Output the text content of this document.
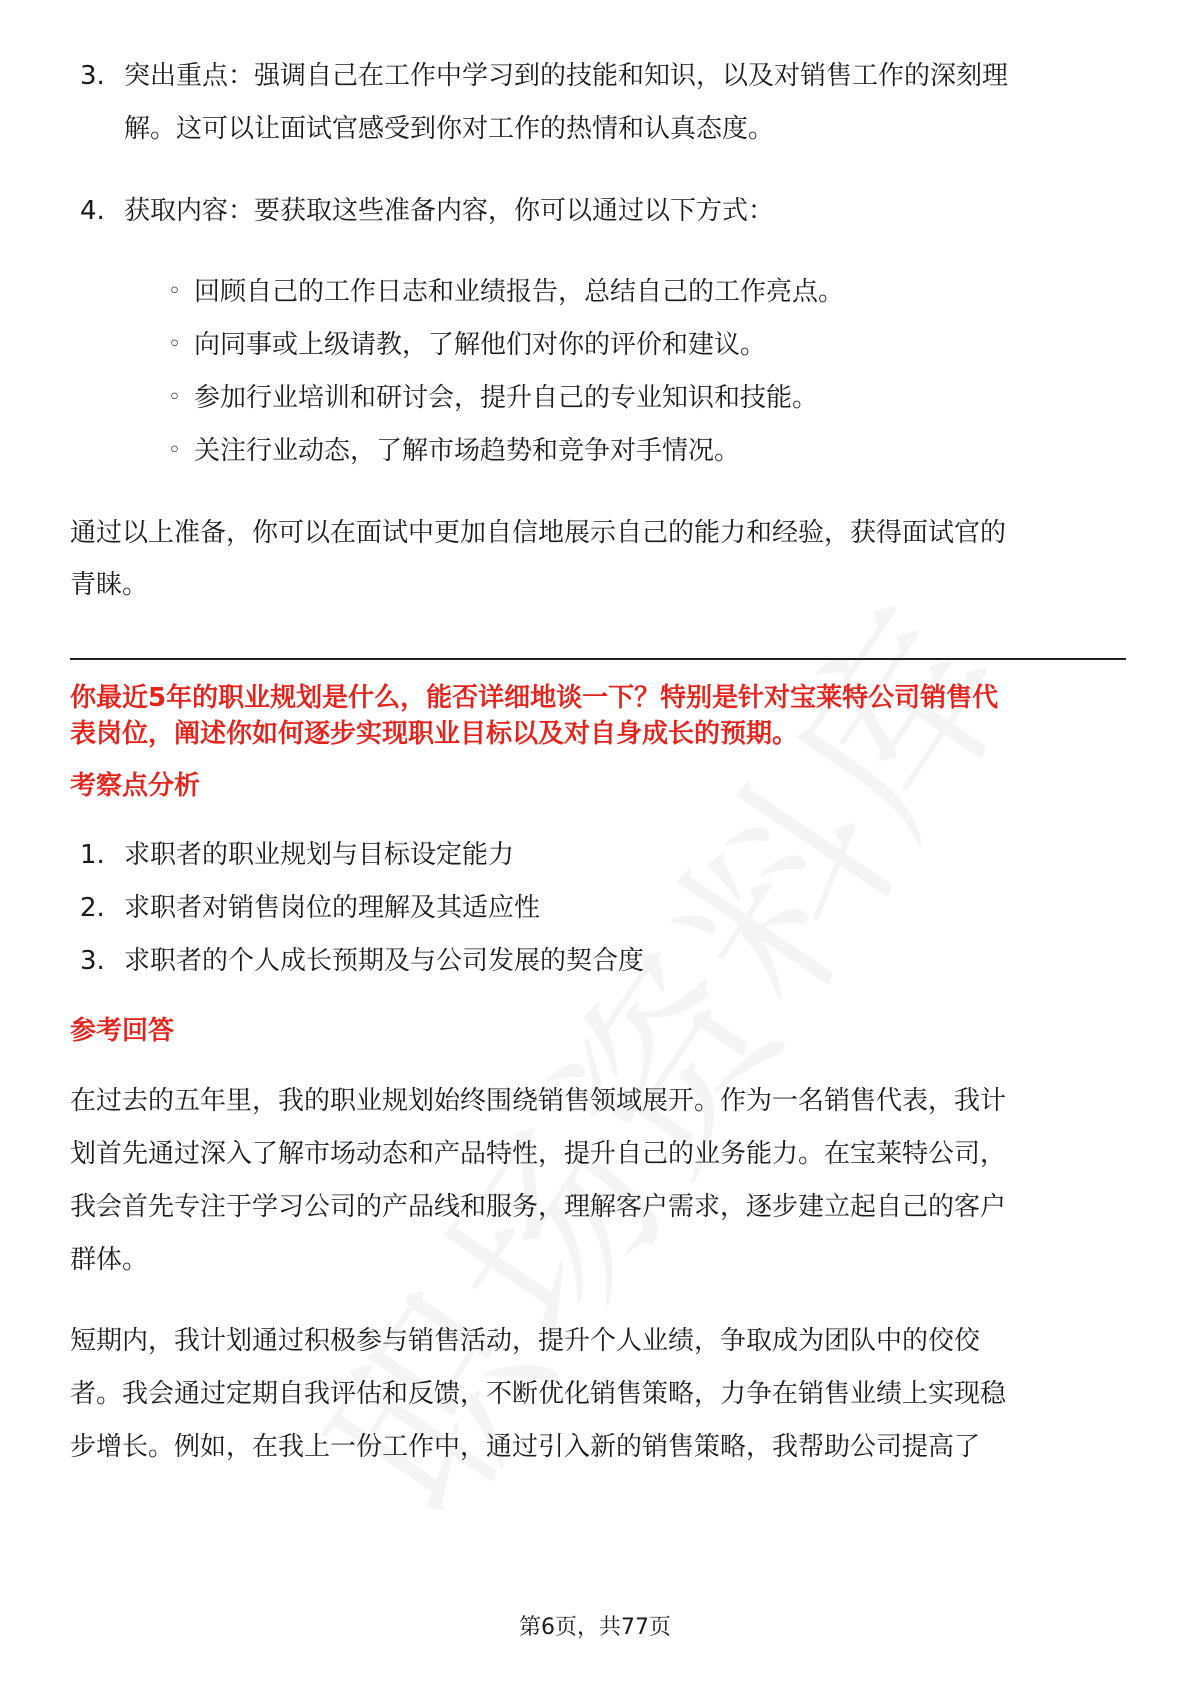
3. 突出重点：强调自己在工作中学习到的技能和知识，以及对销售工作的深刻理
解。这可以让面试官感受到你对工作的热情和认真态度。
4. 获取内容：要获取这些准备内容，你可以通过以下方式：
◦ 回顾自己的工作日志和业绩报告，总结自己的工作亮点。
◦ 向同事或上级请教，了解他们对你的评价和建议。
◦ 参加行业培训和研讨会，提升自己的专业知识和技能。
◦ 关注行业动态，了解市场趋势和竞争对手情况。
通过以上准备，你可以在面试中更加自信地展示自己的能力和经验，获得面试官的
青睐。
你最近5年的职业规划是什么，能否详细地谈一下？特别是针对宝莱特公司销售代
表岗位，阐述你如何逐步实现职业目标以及对自身成长的预期。
考察点分析
1. 求职者的职业规划与目标设定能力
2. 求职者对销售岗位的理解及其适应性
3. 求职者的个人成长预期及与公司发展的契合度
参考回答
在过去的五年里，我的职业规划始终围绕销售领域展开。作为一名销售代表，我计
划首先通过深入了解市场动态和产品特性，提升自己的业务能力。在宝莱特公司，
我会首先专注于学习公司的产品线和服务，理解客户需求，逐步建立起自己的客户
群体。
短期内，我计划通过积极参与销售活动，提升个人业绩，争取成为团队中的佼佼
者。我会通过定期自我评估和反馈，不断优化销售策略，力争在销售业绩上实现稳
步增长。例如，在我上一份工作中，通过引入新的销售策略，我帮助公司提高了
第6页，共77页
